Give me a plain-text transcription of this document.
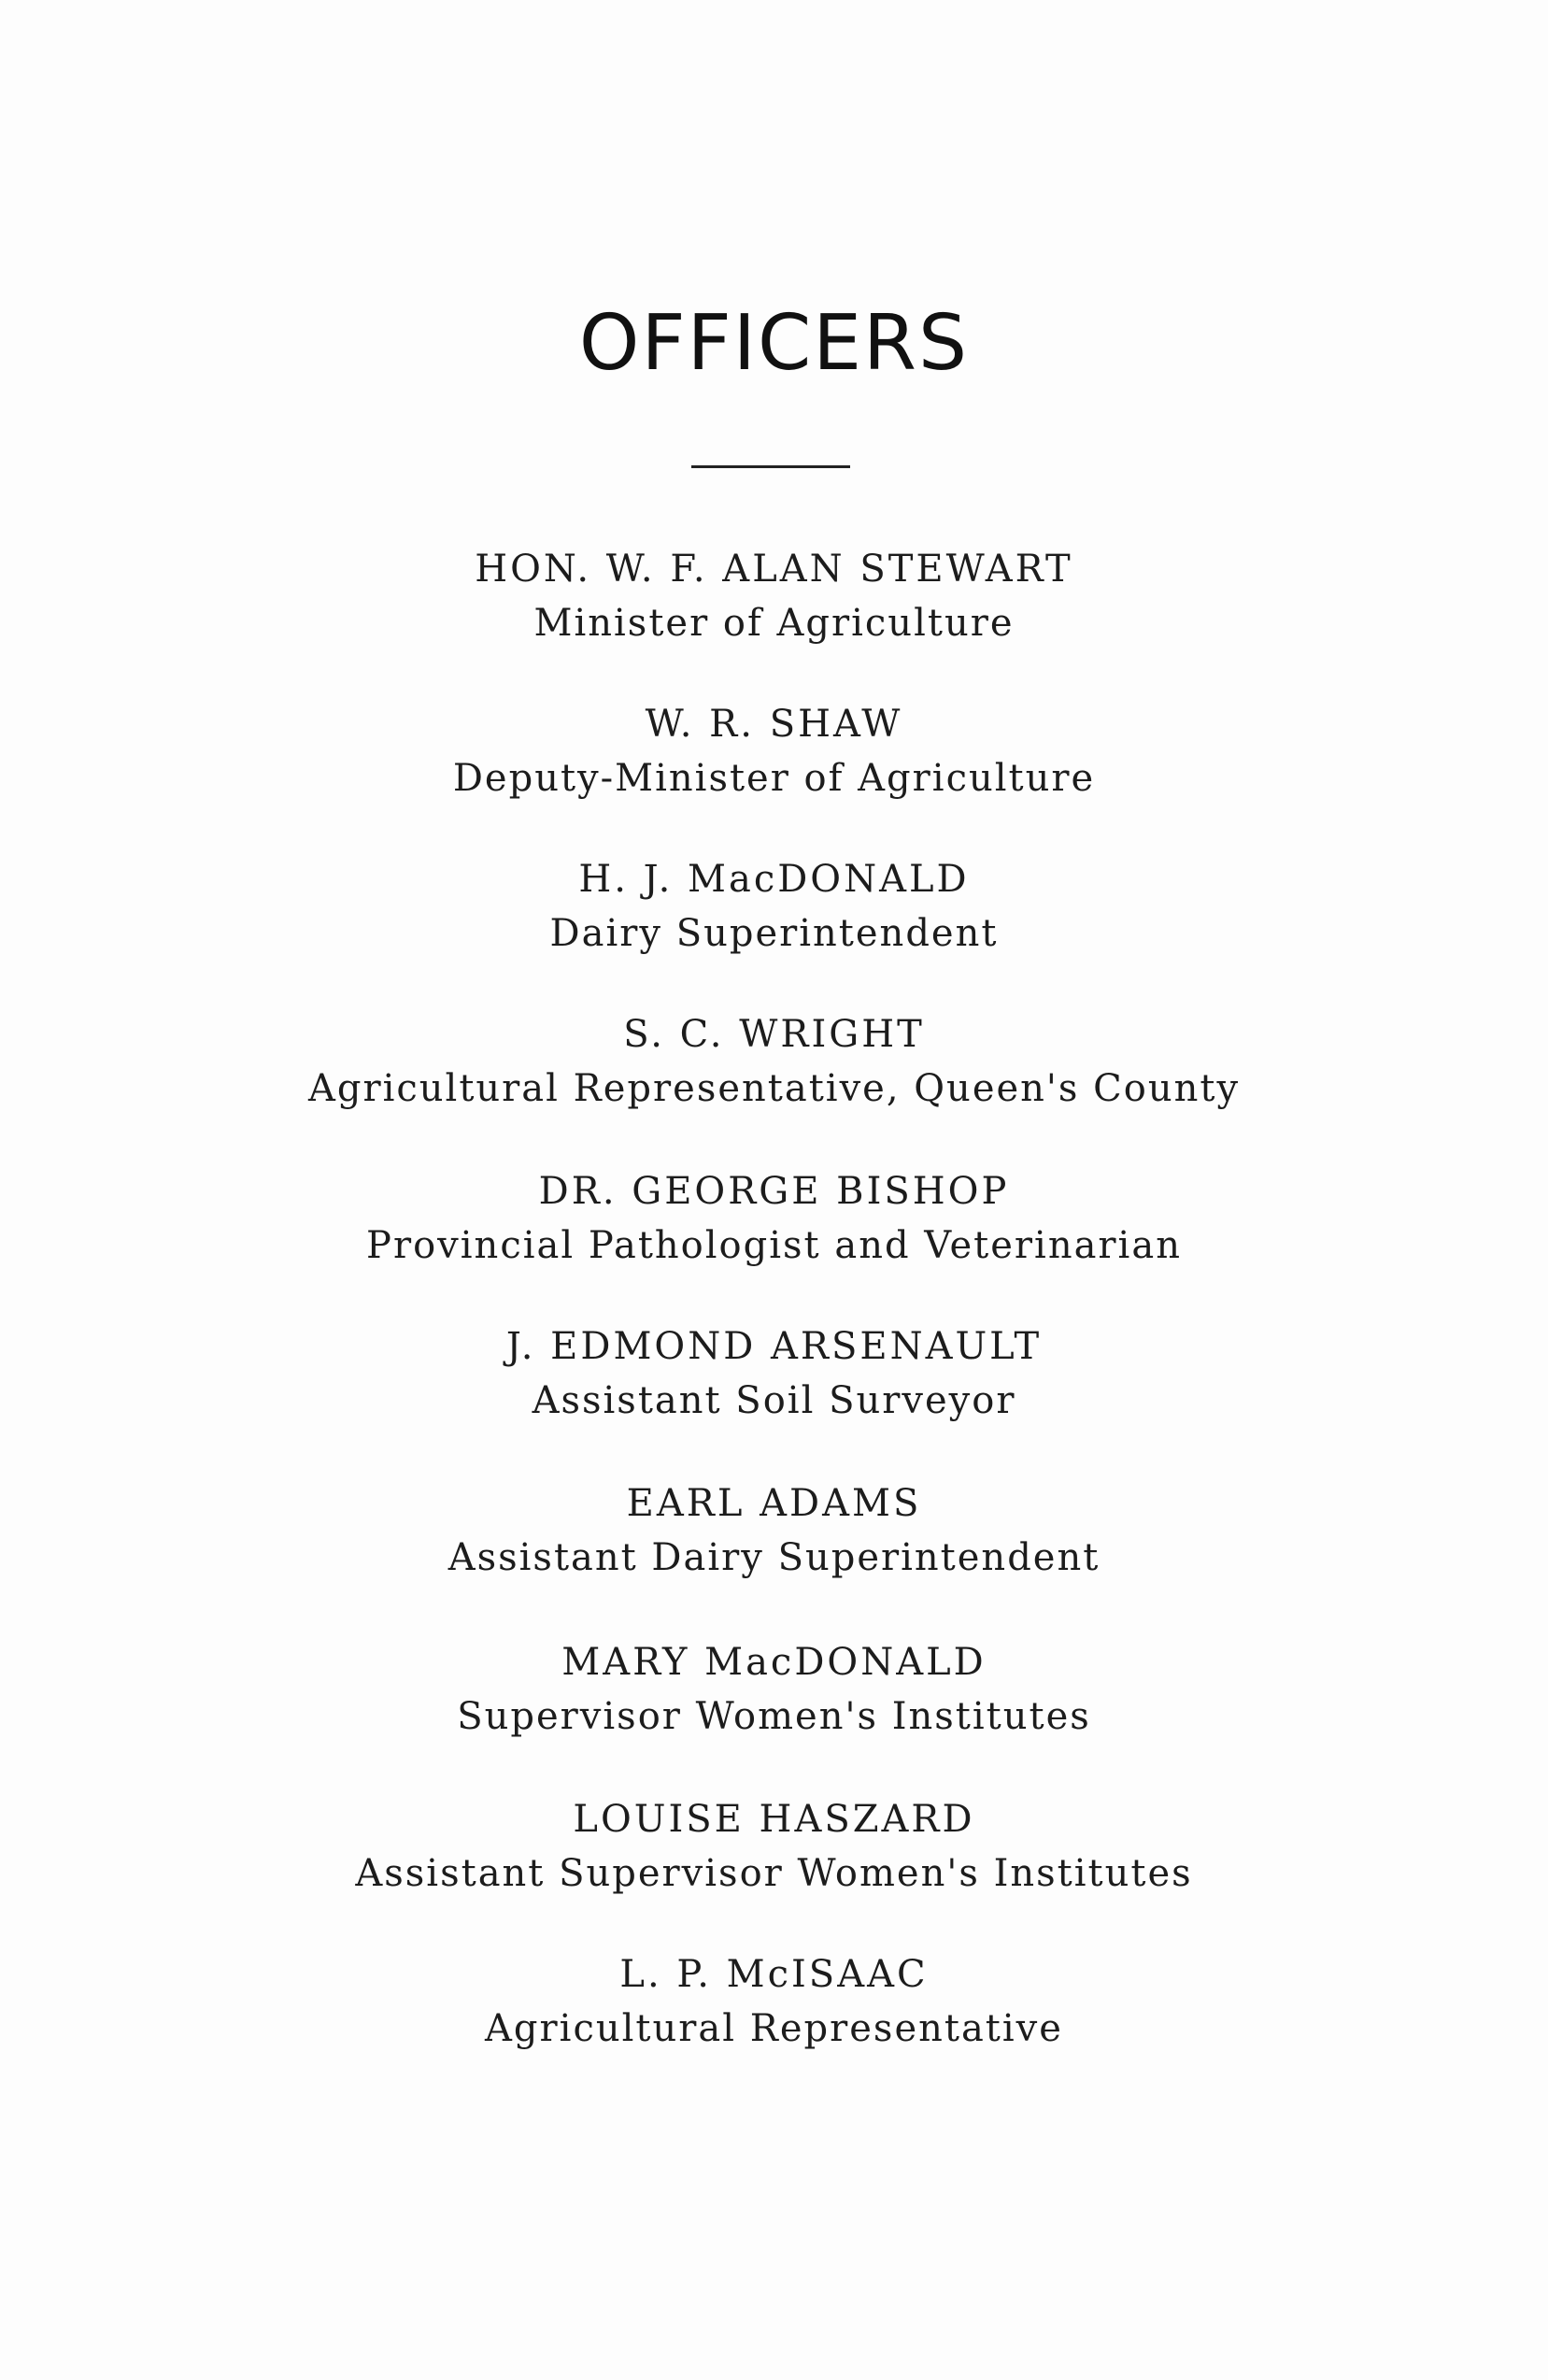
OFFICERS
HON. W. F. ALAN STEWART
Minister of Agriculture
W. R. SHAW
Deputy-Minister of Agriculture
H. J. MacDONALD
Dairy Superintendent
S. C. WRIGHT
Agricultural Representative, Queen's County
DR. GEORGE BISHOP
Provincial Pathologist and Veterinarian
J. EDMOND ARSENAULT
Assistant Soil Surveyor
EARL ADAMS
Assistant Dairy Superintendent
MARY MacDONALD
Supervisor Women's Institutes
LOUISE HASZARD
Assistant Supervisor Women's Institutes
L. P. McISAAC
Agricultural Representative
